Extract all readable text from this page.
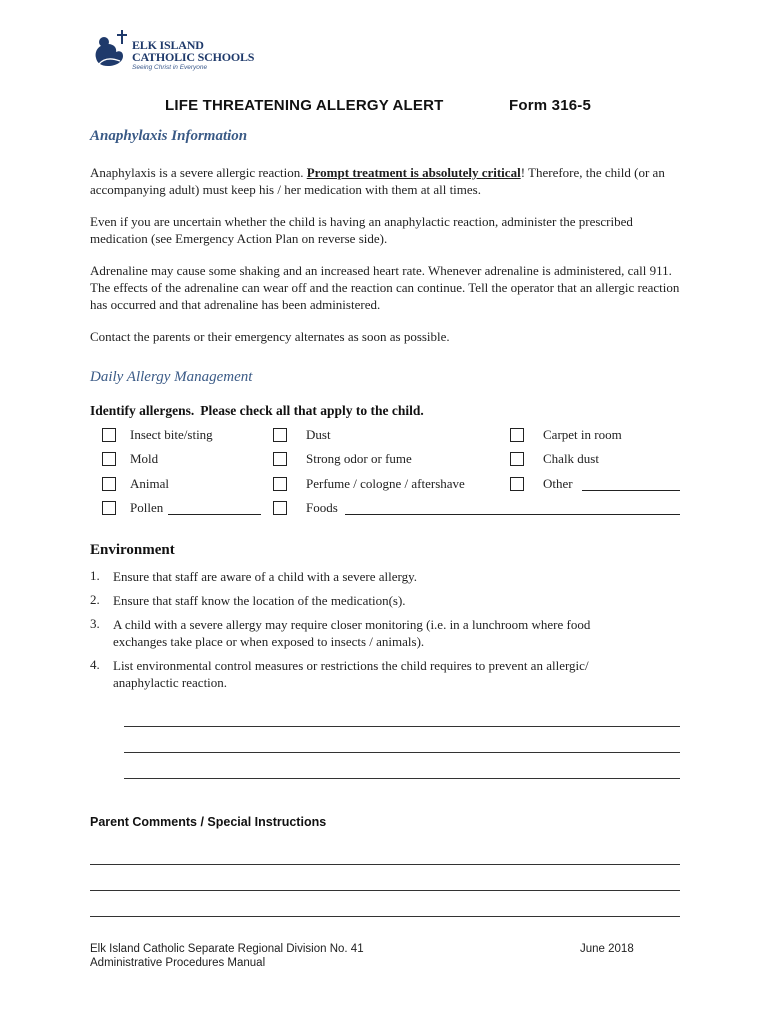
ELK ISLAND
CATHOLIC SCHOOLS
Seeing Christ in Everyone
LIFE THREATENING ALLERGY ALERT	Form 316-5
Anaphylaxis Information
Anaphylaxis is a severe allergic reaction. Prompt treatment is absolutely critical! Therefore, the child (or an accompanying adult) must keep his / her medication with them at all times.
Even if you are uncertain whether the child is having an anaphylactic reaction, administer the prescribed medication (see Emergency Action Plan on reverse side).
Adrenaline may cause some shaking and an increased heart rate. Whenever adrenaline is administered, call 911. The effects of the adrenaline can wear off and the reaction can continue. Tell the operator that an allergic reaction has occurred and that adrenaline has been administered.
Contact the parents or their emergency alternates as soon as possible.
Daily Allergy Management
Identify allergens. Please check all that apply to the child.
Insect bite/sting	Dust	Carpet in room
Mold	Strong odor or fume	Chalk dust
Animal	Perfume / cologne / aftershave	Other
Pollen	Foods
Environment
1. Ensure that staff are aware of a child with a severe allergy.
2. Ensure that staff know the location of the medication(s).
3. A child with a severe allergy may require closer monitoring (i.e. in a lunchroom where food exchanges take place or when exposed to insects / animals).
4. List environmental control measures or restrictions the child requires to prevent an allergic/ anaphylactic reaction.
Parent Comments / Special Instructions
Elk Island Catholic Separate Regional Division No. 41
Administrative Procedures Manual
June 2018
